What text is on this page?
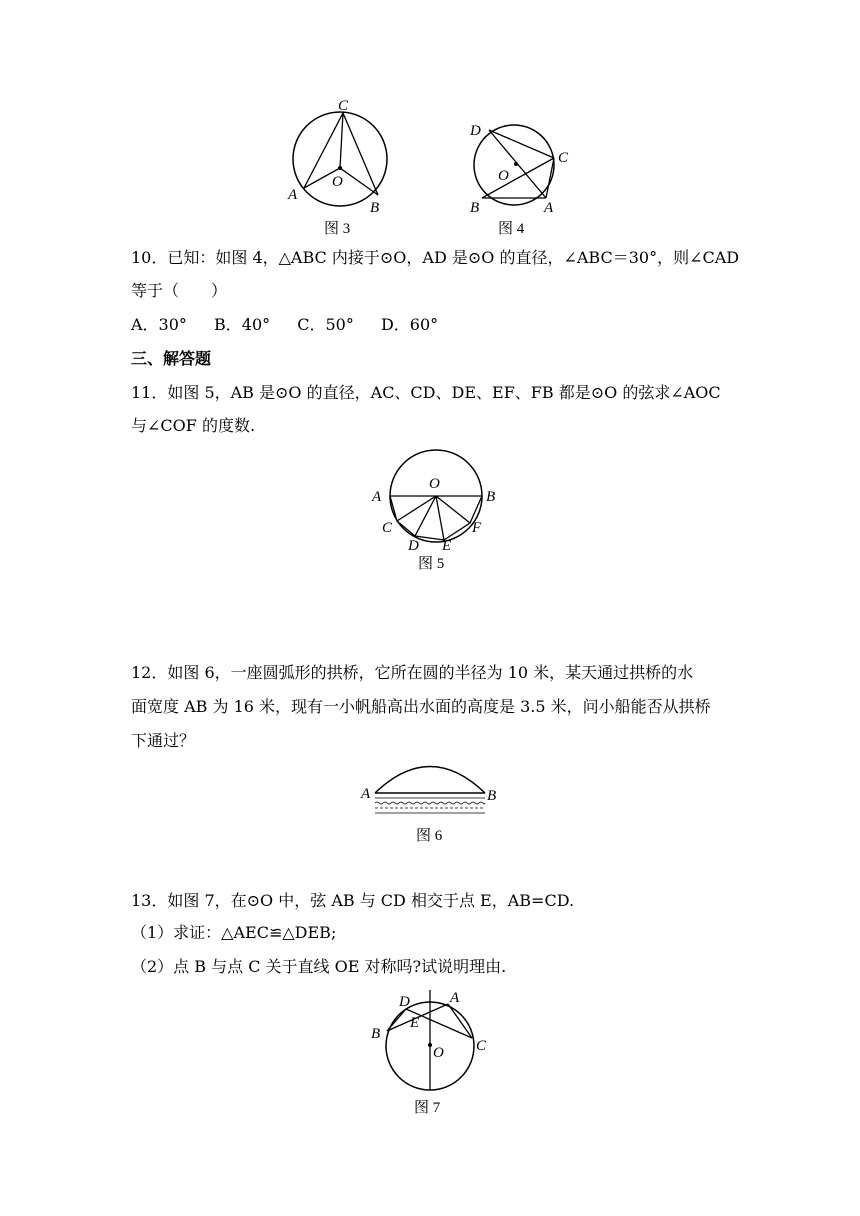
C
O
A
B
图 3
D
C
O
B	A
图 4
10．已知：如图 4，△ABC 内接于⊙O，AD 是⊙O 的直径，∠ABC＝30°，则∠CAD
等于（　　）
A．30° B．40° C．50° D．60°
三、解答题
11．如图 5，AB 是⊙O 的直径，AC、CD、DE、EF、FB 都是⊙O 的弦求∠AOC
与∠COF 的度数.
O
A	B
C	F
D E
图 5
12．如图 6，一座圆弧形的拱桥，它所在圆的半径为 10 米，某天通过拱桥的水
面宽度 AB 为 16 米，现有一小帆船高出水面的高度是 3.5 米，问小船能否从拱桥
下通过？
A	B
图 6
13．如图 7，在⊙O 中，弦 AB 与 CD 相交于点 E，AB=CD.
（1）求证：△AEC≌△DEB;
（2）点 B 与点 C 关于直线 OE 对称吗?试说明理由.
D	A
E
B
O C
图 7
